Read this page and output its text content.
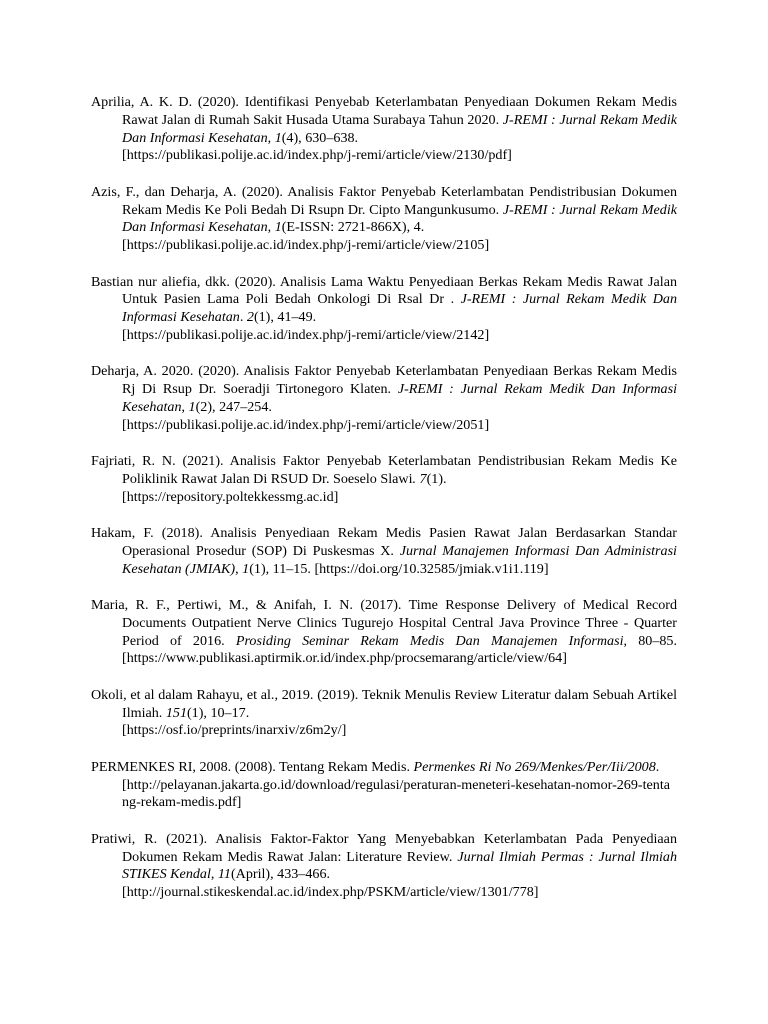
Aprilia, A. K. D. (2020). Identifikasi Penyebab Keterlambatan Penyediaan Dokumen Rekam Medis Rawat Jalan di Rumah Sakit Husada Utama Surabaya Tahun 2020. J-REMI : Jurnal Rekam Medik Dan Informasi Kesehatan, 1(4), 630–638.
[https://publikasi.polije.ac.id/index.php/j-remi/article/view/2130/pdf]

Azis, F., dan Deharja, A. (2020). Analisis Faktor Penyebab Keterlambatan Pendistribusian Dokumen Rekam Medis Ke Poli Bedah Di Rsupn Dr. Cipto Mangunkusumo. J-REMI : Jurnal Rekam Medik Dan Informasi Kesehatan, 1(E-ISSN: 2721-866X), 4.
[https://publikasi.polije.ac.id/index.php/j-remi/article/view/2105]

Bastian nur aliefia, dkk. (2020). Analisis Lama Waktu Penyediaan Berkas Rekam Medis Rawat Jalan Untuk Pasien Lama Poli Bedah Onkologi Di Rsal Dr . J-REMI : Jurnal Rekam Medik Dan Informasi Kesehatan. 2(1), 41–49.
[https://publikasi.polije.ac.id/index.php/j-remi/article/view/2142]

Deharja, A. 2020. (2020). Analisis Faktor Penyebab Keterlambatan Penyediaan Berkas Rekam Medis Rj Di Rsup Dr. Soeradji Tirtonegoro Klaten. J-REMI : Jurnal Rekam Medik Dan Informasi Kesehatan, 1(2), 247–254.
[https://publikasi.polije.ac.id/index.php/j-remi/article/view/2051]

Fajriati, R. N. (2021). Analisis Faktor Penyebab Keterlambatan Pendistribusian Rekam Medis Ke Poliklinik Rawat Jalan Di RSUD Dr. Soeselo Slawi. 7(1).
[https://repository.poltekkessmg.ac.id]

Hakam, F. (2018). Analisis Penyediaan Rekam Medis Pasien Rawat Jalan Berdasarkan Standar Operasional Prosedur (SOP) Di Puskesmas X. Jurnal Manajemen Informasi Dan Administrasi Kesehatan (JMIAK), 1(1), 11–15. [https://doi.org/10.32585/jmiak.v1i1.119]

Maria, R. F., Pertiwi, M., & Anifah, I. N. (2017). Time Response Delivery of Medical Record Documents Outpatient Nerve Clinics Tugurejo Hospital Central Java Province Three - Quarter Period of 2016. Prosiding Seminar Rekam Medis Dan Manajemen Informasi, 80–85. [https://www.publikasi.aptirmik.or.id/index.php/procsemarang/article/view/64]

Okoli, et al dalam Rahayu, et al., 2019. (2019). Teknik Menulis Review Literatur dalam Sebuah Artikel Ilmiah. 151(1), 10–17.
[https://osf.io/preprints/inarxiv/z6m2y/]

PERMENKES RI, 2008. (2008). Tentang Rekam Medis. Permenkes Ri No 269/Menkes/Per/Iii/2008.
[http://pelayanan.jakarta.go.id/download/regulasi/peraturan-meneteri-kesehatan-nomor-269-tentang-rekam-medis.pdf]

Pratiwi, R. (2021). Analisis Faktor-Faktor Yang Menyebabkan Keterlambatan Pada Penyediaan Dokumen Rekam Medis Rawat Jalan: Literature Review. Jurnal Ilmiah Permas : Jurnal Ilmiah STIKES Kendal, 11(April), 433–466.
[http://journal.stikeskendal.ac.id/index.php/PSKM/article/view/1301/778]
